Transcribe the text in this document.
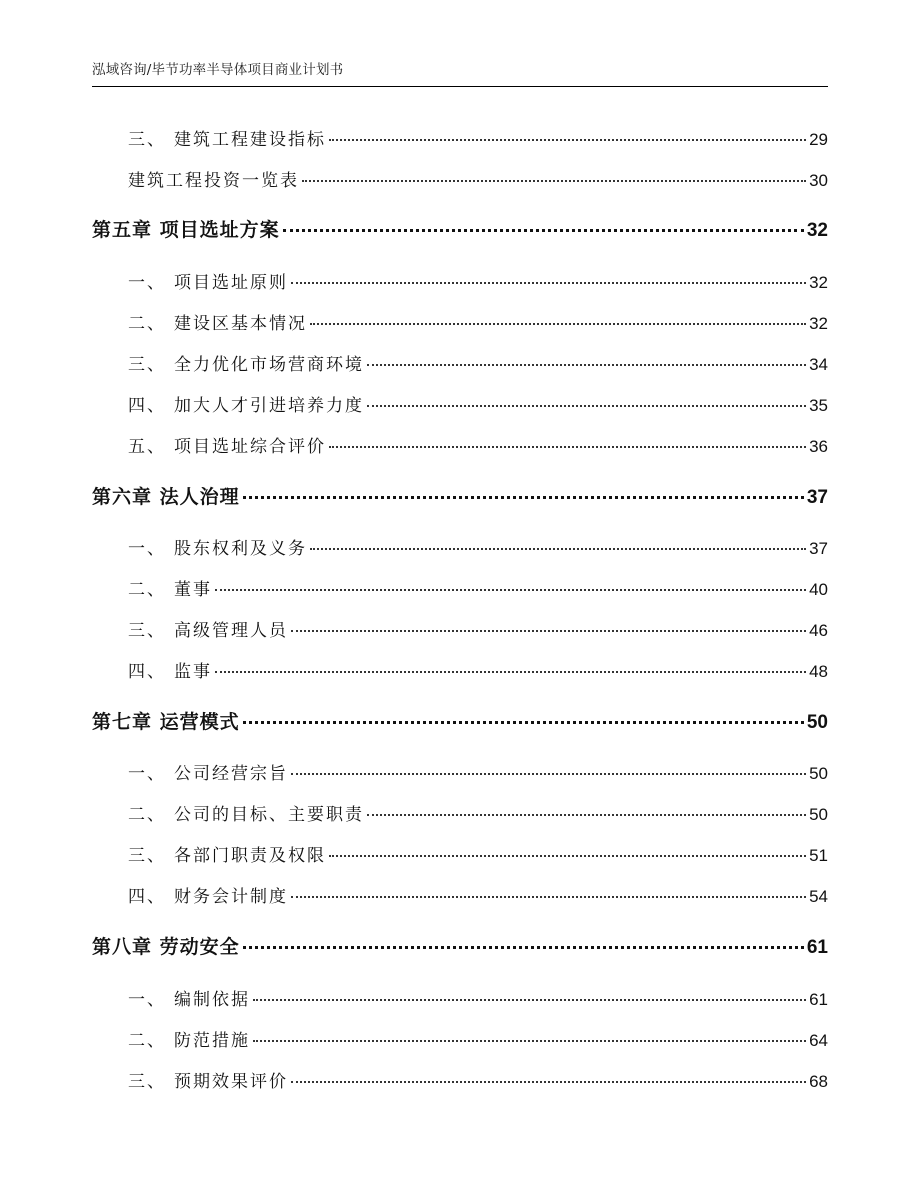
泓域咨询/毕节功率半导体项目商业计划书
三、 建筑工程建设指标	29
建筑工程投资一览表	30
第五章 项目选址方案	32
一、 项目选址原则	32
二、 建设区基本情况	32
三、 全力优化市场营商环境	34
四、 加大人才引进培养力度	35
五、 项目选址综合评价	36
第六章 法人治理	37
一、 股东权利及义务	37
二、 董事	40
三、 高级管理人员	46
四、 监事	48
第七章 运营模式	50
一、 公司经营宗旨	50
二、 公司的目标、主要职责	50
三、 各部门职责及权限	51
四、 财务会计制度	54
第八章 劳动安全	61
一、 编制依据	61
二、 防范措施	64
三、 预期效果评价	68
